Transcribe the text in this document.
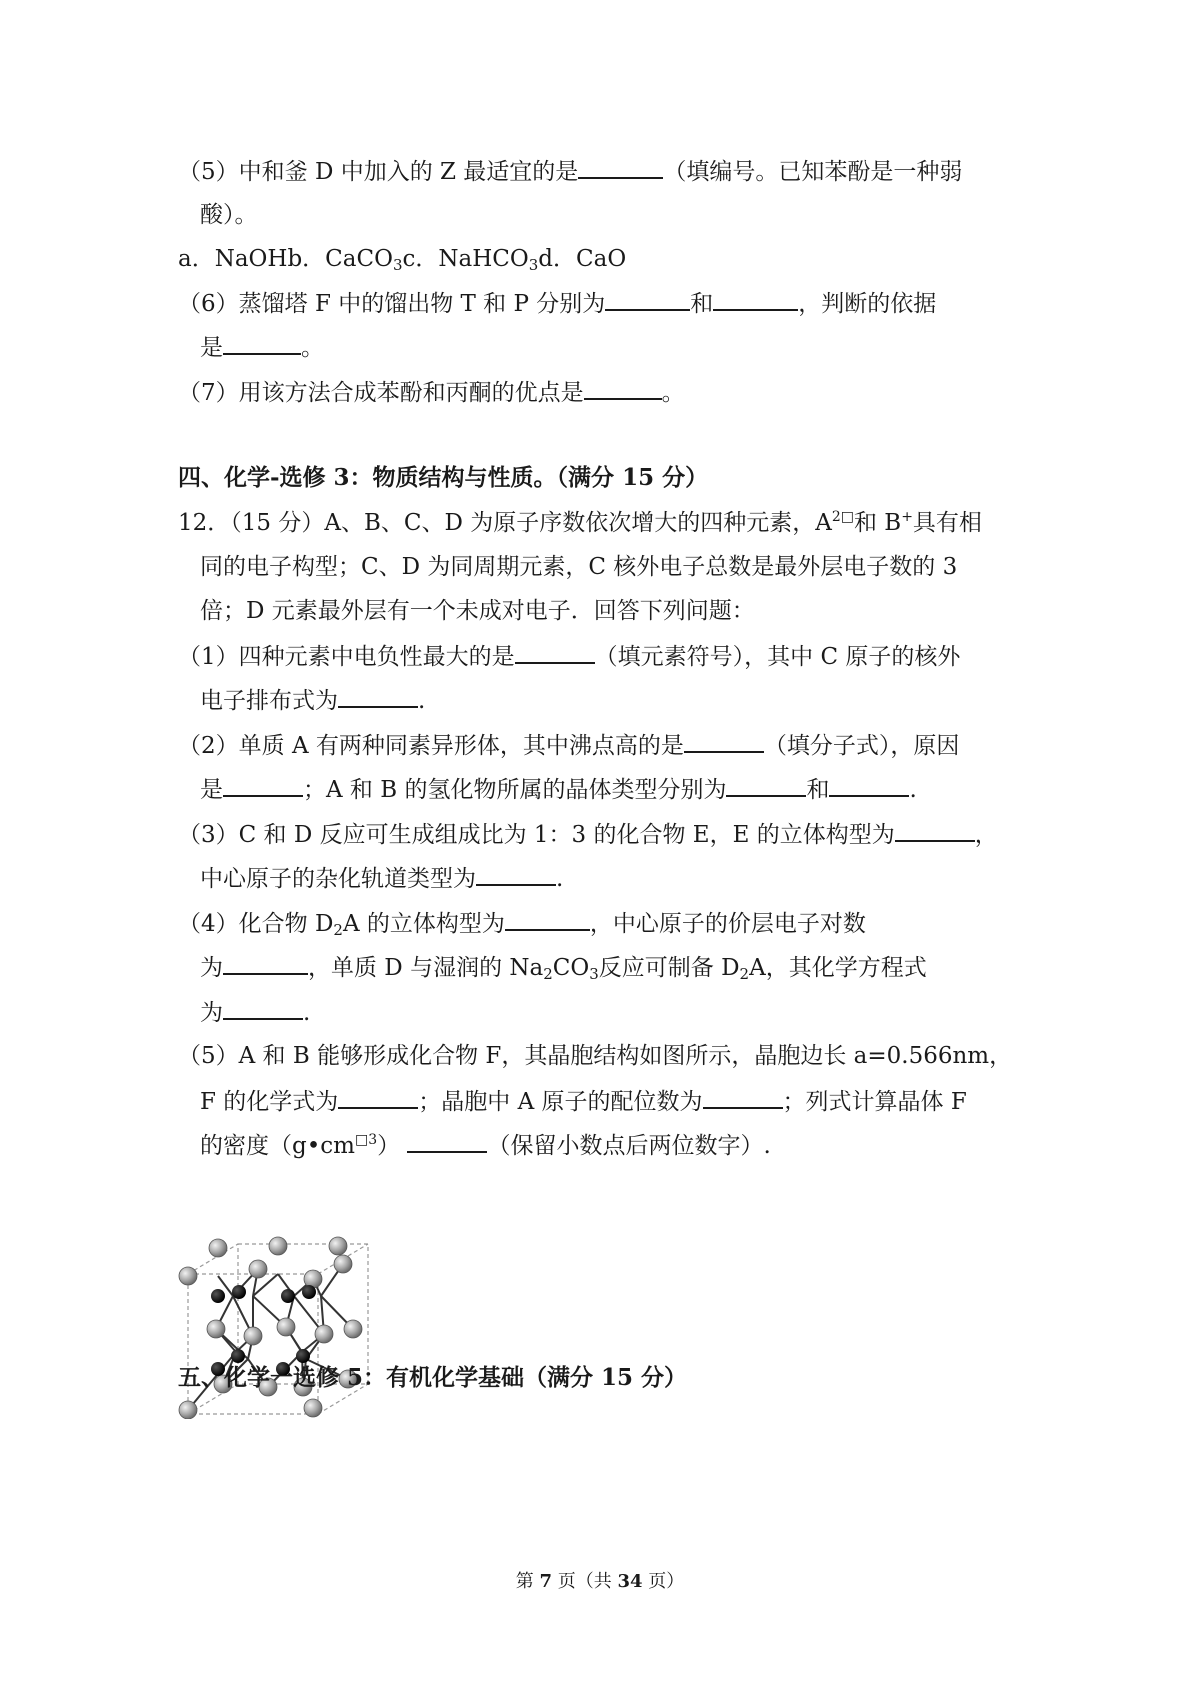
（5）中和釜 D 中加入的 Z 最适宜的是	（填编号。已知苯酚是一种弱
酸）。
a．NaOHb．CaCO$_3$c．NaHCO$_3$d．CaO
（6）蒸馏塔 F 中的馏出物 T 和 P 分别为	和	，判断的依据
是	。
（7）用该方法合成苯酚和丙酮的优点是	。
四、化学-选修 3：物质结构与性质。（满分 15 分）
12．（15 分）A、B、C、D 为原子序数依次增大的四种元素，$A^{2□}$和 B+具有相
同的电子构型；C、D 为同周期元素，C 核外电子总数是最外层电子数的 3
倍；D 元素最外层有一个未成对电子．回答下列问题：
（1）四种元素中电负性最大的是	（填元素符号），其中 C 原子的核外
电子排布式为	.
（2）单质 A 有两种同素异形体，其中沸点高的是	（填分子式），原因
是	；A 和 B 的氢化物所属的晶体类型分别为	和	.
（3）C 和 D 反应可生成组成比为 1：3 的化合物 E，E 的立体构型为	，
中心原子的杂化轨道类型为	.
（4）化合物 $D_2A$ 的立体构型为	，中心原子的价层电子对数
为	，单质 D 与湿润的 $Na_2CO_3$反应可制备 $D_2A$，其化学方程式
为	.
（5）A 和 B 能够形成化合物 F，其晶胞结构如图所示，晶胞边长 a=0.566nm，
F 的化学式为	；晶胞中 A 原子的配位数为	；列式计算晶体 F
的密度$(g•cm^{□3})$	（保留小数点后两位数字）.
五、化学一选修 5：有机化学基础（满分 15 分）
第 7 页（共 34 页）
